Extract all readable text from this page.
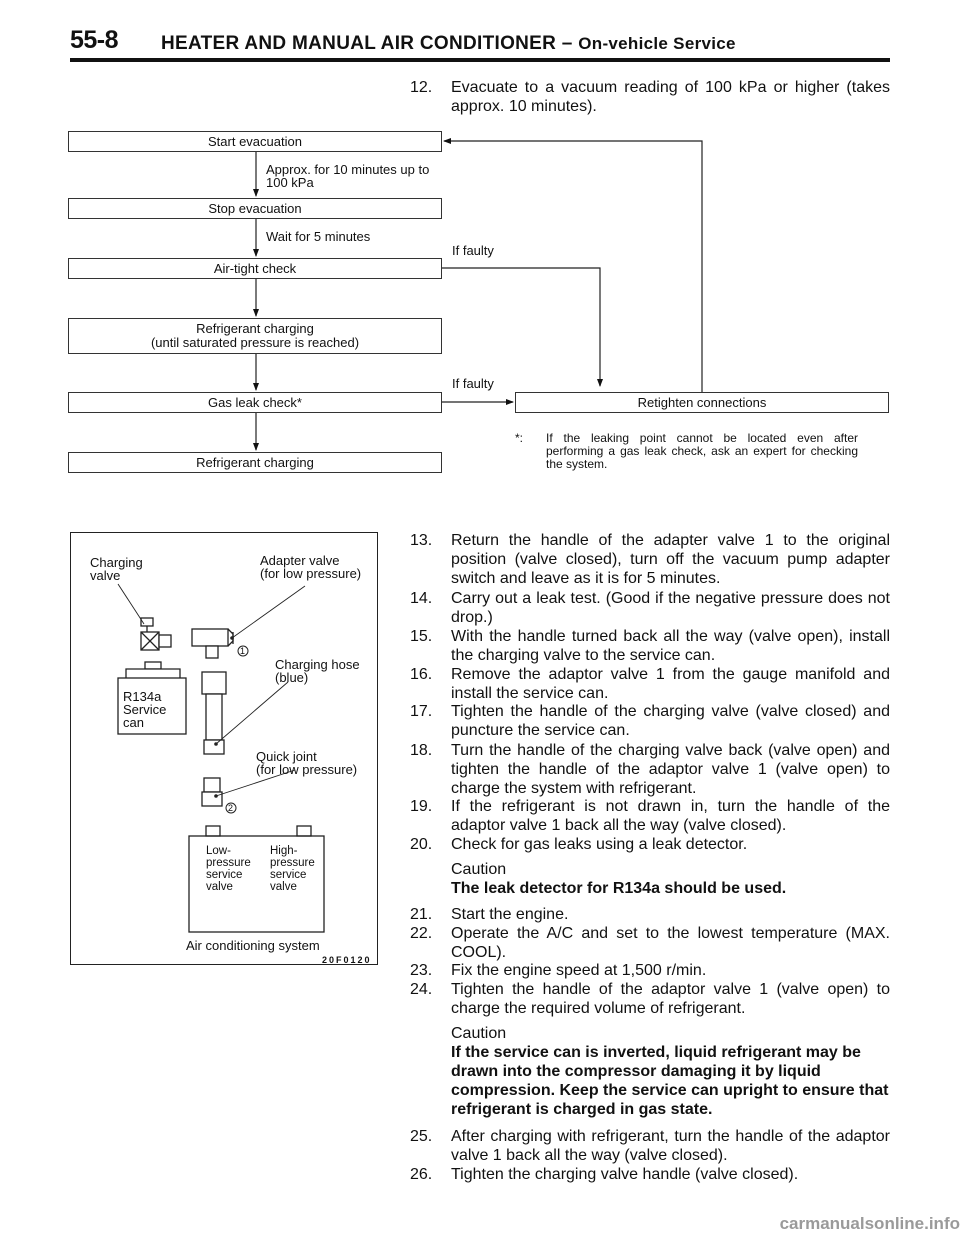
55-8 HEATER AND MANUAL AIR CONDITIONER – On-vehicle Service
12. Evacuate to a vacuum reading of 100 kPa or higher (takes approx. 10 minutes).
Start evacuation
Stop evacuation
Air-tight check
Refrigerant charging
(until saturated pressure is reached)
Gas leak check*
Refrigerant charging
Retighten connections
Approx. for 10 minutes up to
100 kPa
Wait for 5 minutes
If faulty
If faulty
*: If the leaking point cannot be located even after performing a gas leak check, ask an expert for checking the system.
Charging
valve
Adapter valve
(for low pressure)
Charging hose
(blue)
R134a
Service
can
Quick joint
(for low pressure)
Low-
pressure
service
valve
High-
pressure
service
valve
Air conditioning system
20F0120
1
2
13. Return the handle of the adapter valve 1 to the original position (valve closed), turn off the vacuum pump adapter switch and leave as it is for 5 minutes.
14. Carry out a leak test. (Good if the negative pressure does not drop.)
15. With the handle turned back all the way (valve open), install the charging valve to the service can.
16. Remove the adaptor valve 1 from the gauge manifold and install the service can.
17. Tighten the handle of the charging valve (valve closed) and puncture the service can.
18. Turn the handle of the charging valve back (valve open) and tighten the handle of the adaptor valve 1 (valve open) to charge the system with refrigerant.
19. If the refrigerant is not drawn in, turn the handle of the adaptor valve 1 back all the way (valve closed).
20. Check for gas leaks using a leak detector.
Caution
The leak detector for R134a should be used.
21. Start the engine.
22. Operate the A/C and set to the lowest temperature (MAX. COOL).
23. Fix the engine speed at 1,500 r/min.
24. Tighten the handle of the adaptor valve 1 (valve open) to charge the required volume of refrigerant.
Caution
If the service can is inverted, liquid refrigerant may be drawn into the compressor damaging it by liquid compression. Keep the service can upright to ensure that refrigerant is charged in gas state.
25. After charging with refrigerant, turn the handle of the adaptor valve 1 back all the way (valve closed).
26. Tighten the charging valve handle (valve closed).
carmanualsonline.info
